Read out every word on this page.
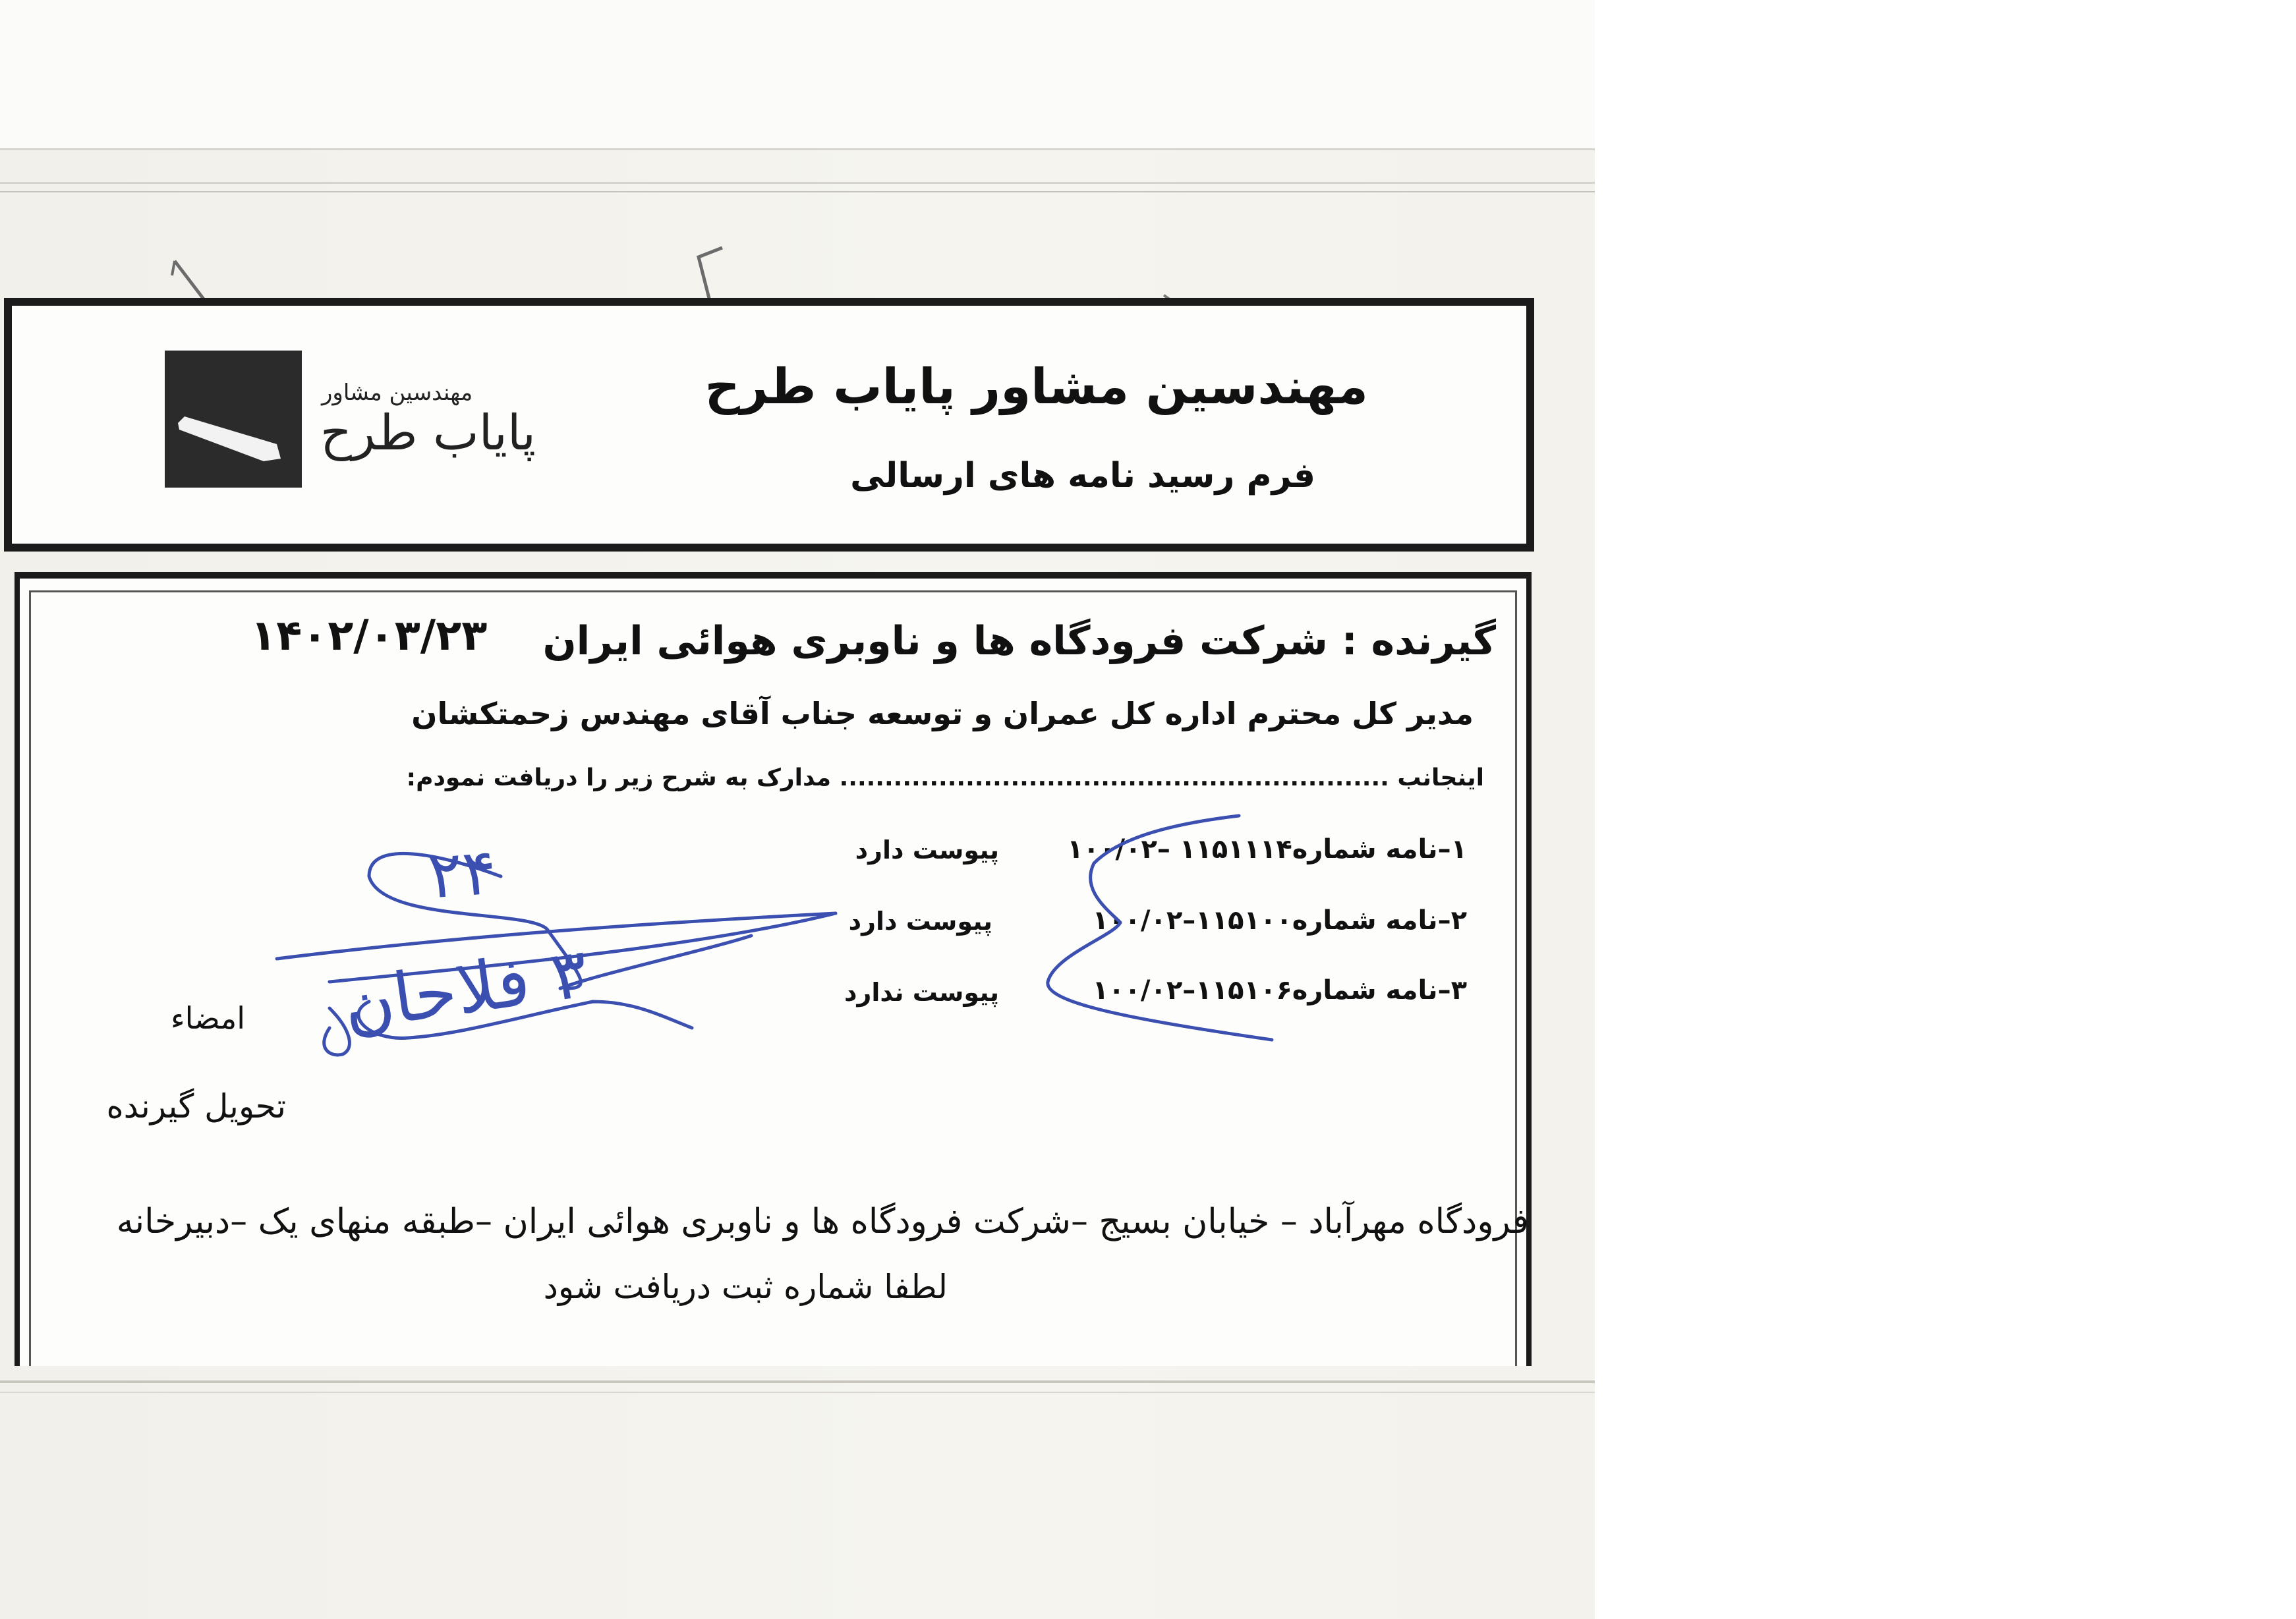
مهندسین مشاور پایاب طرح
فرم رسید نامه های ارسالی
مهندسین مشاور
پایاب طرح
گیرنده : شرکت فرودگاه ها و ناوبری هوائی ایران
۱۴۰۲/۰۳/۲۳
مدیر کل محترم اداره کل عمران و توسعه جناب آقای مهندس زحمتکشان
اینجانب ............................................................. مدارک به شرح زیر را دریافت نمودم:
۱–نامه شماره۱۱۵۱۱۱۴ –۱۰۰/۰۲
پیوست دارد
۲–نامه شماره۱۱۵۱۰۰–۱۰۰/۰۲
پیوست دارد
۳–نامه شماره۱۱۵۱۰۶–۱۰۰/۰۲
پیوست ندارد
امضاء
تحویل گیرنده
فرودگاه مهرآباد – خیابان بسیج –شرکت فرودگاه ها و ناوبری هوائی ایران –طبقه منهای یک –دبیرخانه
لطفا شماره ثبت دریافت شود
۲۴
۳ فلاحان
